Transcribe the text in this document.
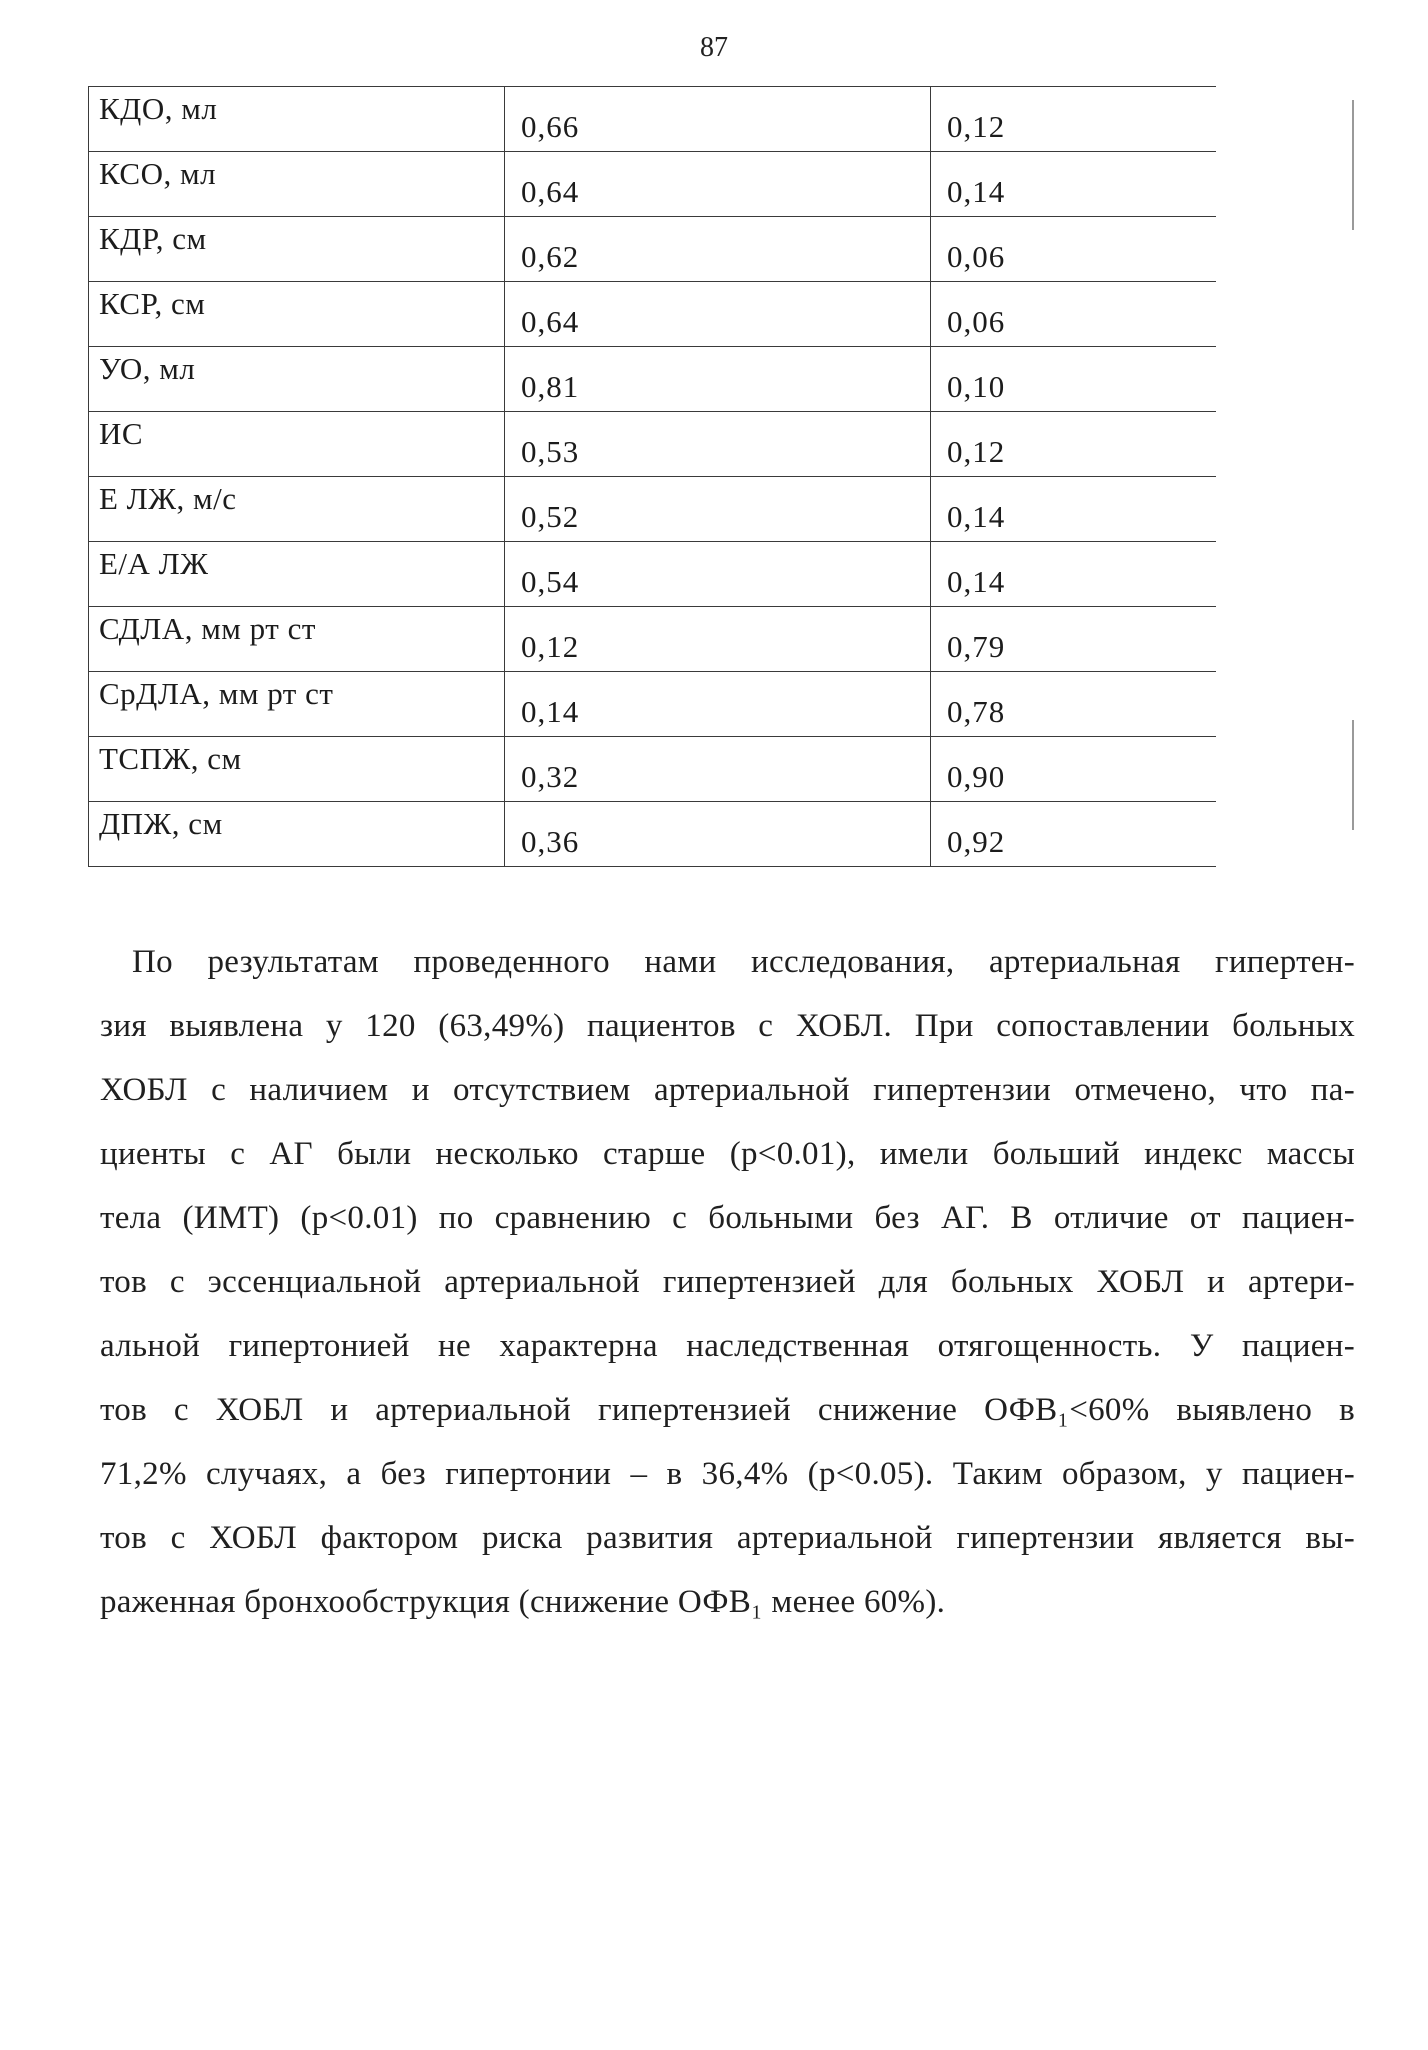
87
КДО, мл	0,66	0,12

КСО, мл	0,64	0,14

КДР, см	0,62	0,06

КСР, см	0,64	0,06

УО, мл	0,81	0,10

ИС	0,53	0,12

Е ЛЖ, м/с	0,52	0,14

Е/А ЛЖ	0,54	0,14

СДЛА, мм рт ст	0,12	0,79

СрДЛА, мм рт ст	0,14	0,78

ТСПЖ, см	0,32	0,90

ДПЖ, см	0,36	0,92
По результатам проведенного нами исследования, артериальная гипертен-
зия выявлена у 120 (63,49%) пациентов с ХОБЛ. При сопоставлении больных
ХОБЛ с наличием и отсутствием артериальной гипертензии отмечено, что па-
циенты с АГ были несколько старше (p<0.01), имели больший индекс массы
тела (ИМТ) (p<0.01) по сравнению с больными без АГ. В отличие от пациен-
тов с эссенциальной артериальной гипертензией для больных ХОБЛ и артери-
альной гипертонией не характерна наследственная отягощенность. У пациен-
тов с ХОБЛ и артериальной гипертензией снижение ОФВ₁<60% выявлено в
71,2% случаях, а без гипертонии – в 36,4% (p<0.05). Таким образом, у пациен-
тов с ХОБЛ фактором риска развития артериальной гипертензии является вы-
раженная бронхообструкция (снижение ОФВ₁ менее 60%).
